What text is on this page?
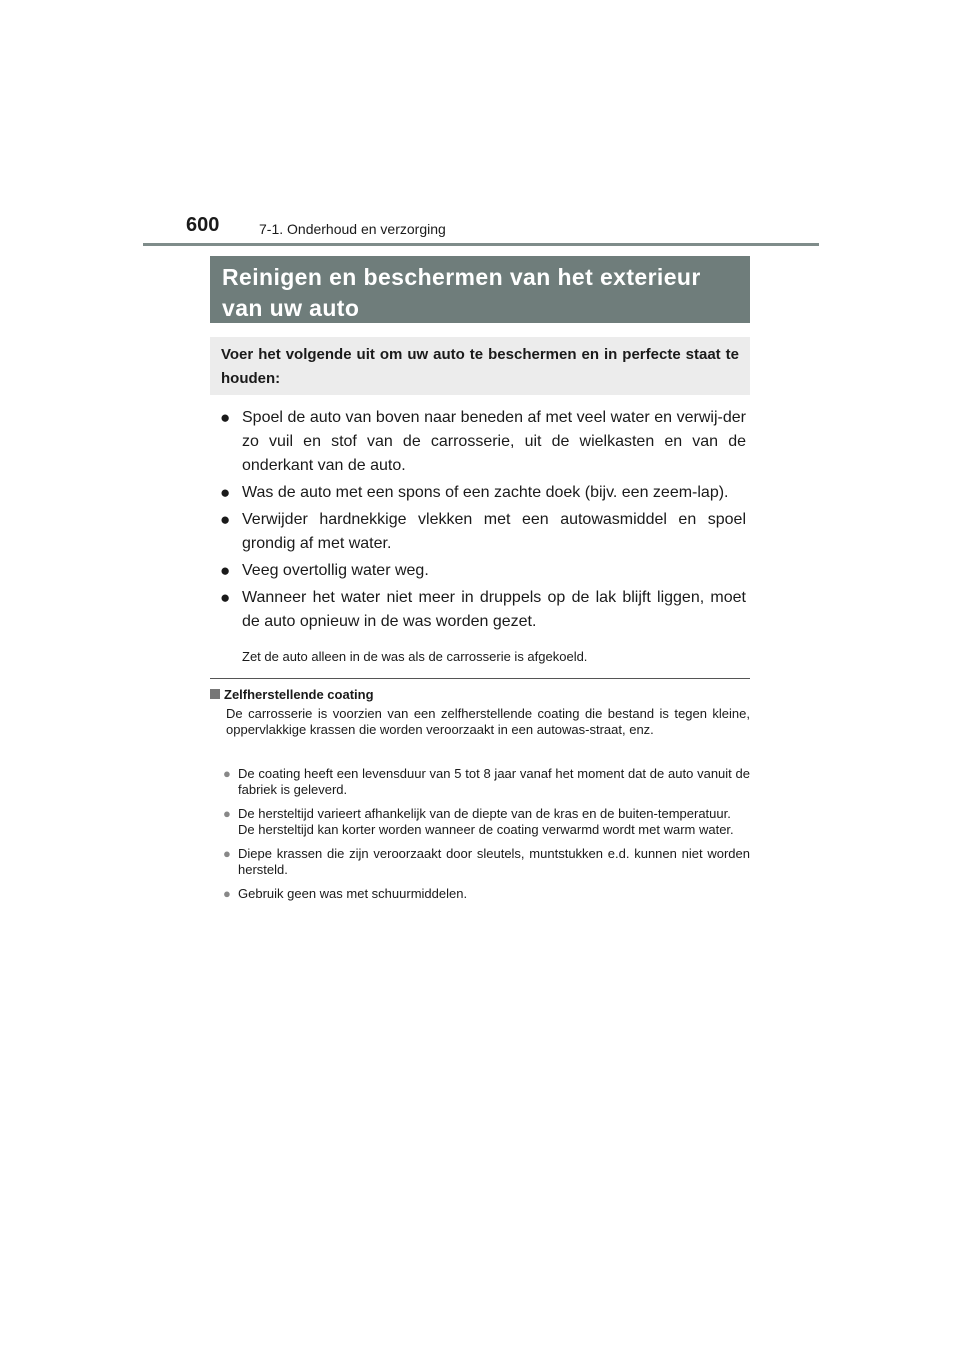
600	7-1. Onderhoud en verzorging
Reinigen en beschermen van het exterieur
van uw auto
Voer het volgende uit om uw auto te beschermen en in perfecte staat te houden:
● Spoel de auto van boven naar beneden af met veel water en verwij-der zo vuil en stof van de carrosserie, uit de wielkasten en van de onderkant van de auto.
● Was de auto met een spons of een zachte doek (bijv. een zeem-lap).
● Verwijder hardnekkige vlekken met een autowasmiddel en spoel grondig af met water.
● Veeg overtollig water weg.
● Wanneer het water niet meer in druppels op de lak blijft liggen, moet de auto opnieuw in de was worden gezet.
Zet de auto alleen in de was als de carrosserie is afgekoeld.
Zelfherstellende coating
De carrosserie is voorzien van een zelfherstellende coating die bestand is tegen kleine, oppervlakkige krassen die worden veroorzaakt in een autowas-straat, enz.
● De coating heeft een levensduur van 5 tot 8 jaar vanaf het moment dat de auto vanuit de fabriek is geleverd.
● De hersteltijd varieert afhankelijk van de diepte van de kras en de buiten-temperatuur.
De hersteltijd kan korter worden wanneer de coating verwarmd wordt met warm water.
● Diepe krassen die zijn veroorzaakt door sleutels, muntstukken e.d. kunnen niet worden hersteld.
● Gebruik geen was met schuurmiddelen.
